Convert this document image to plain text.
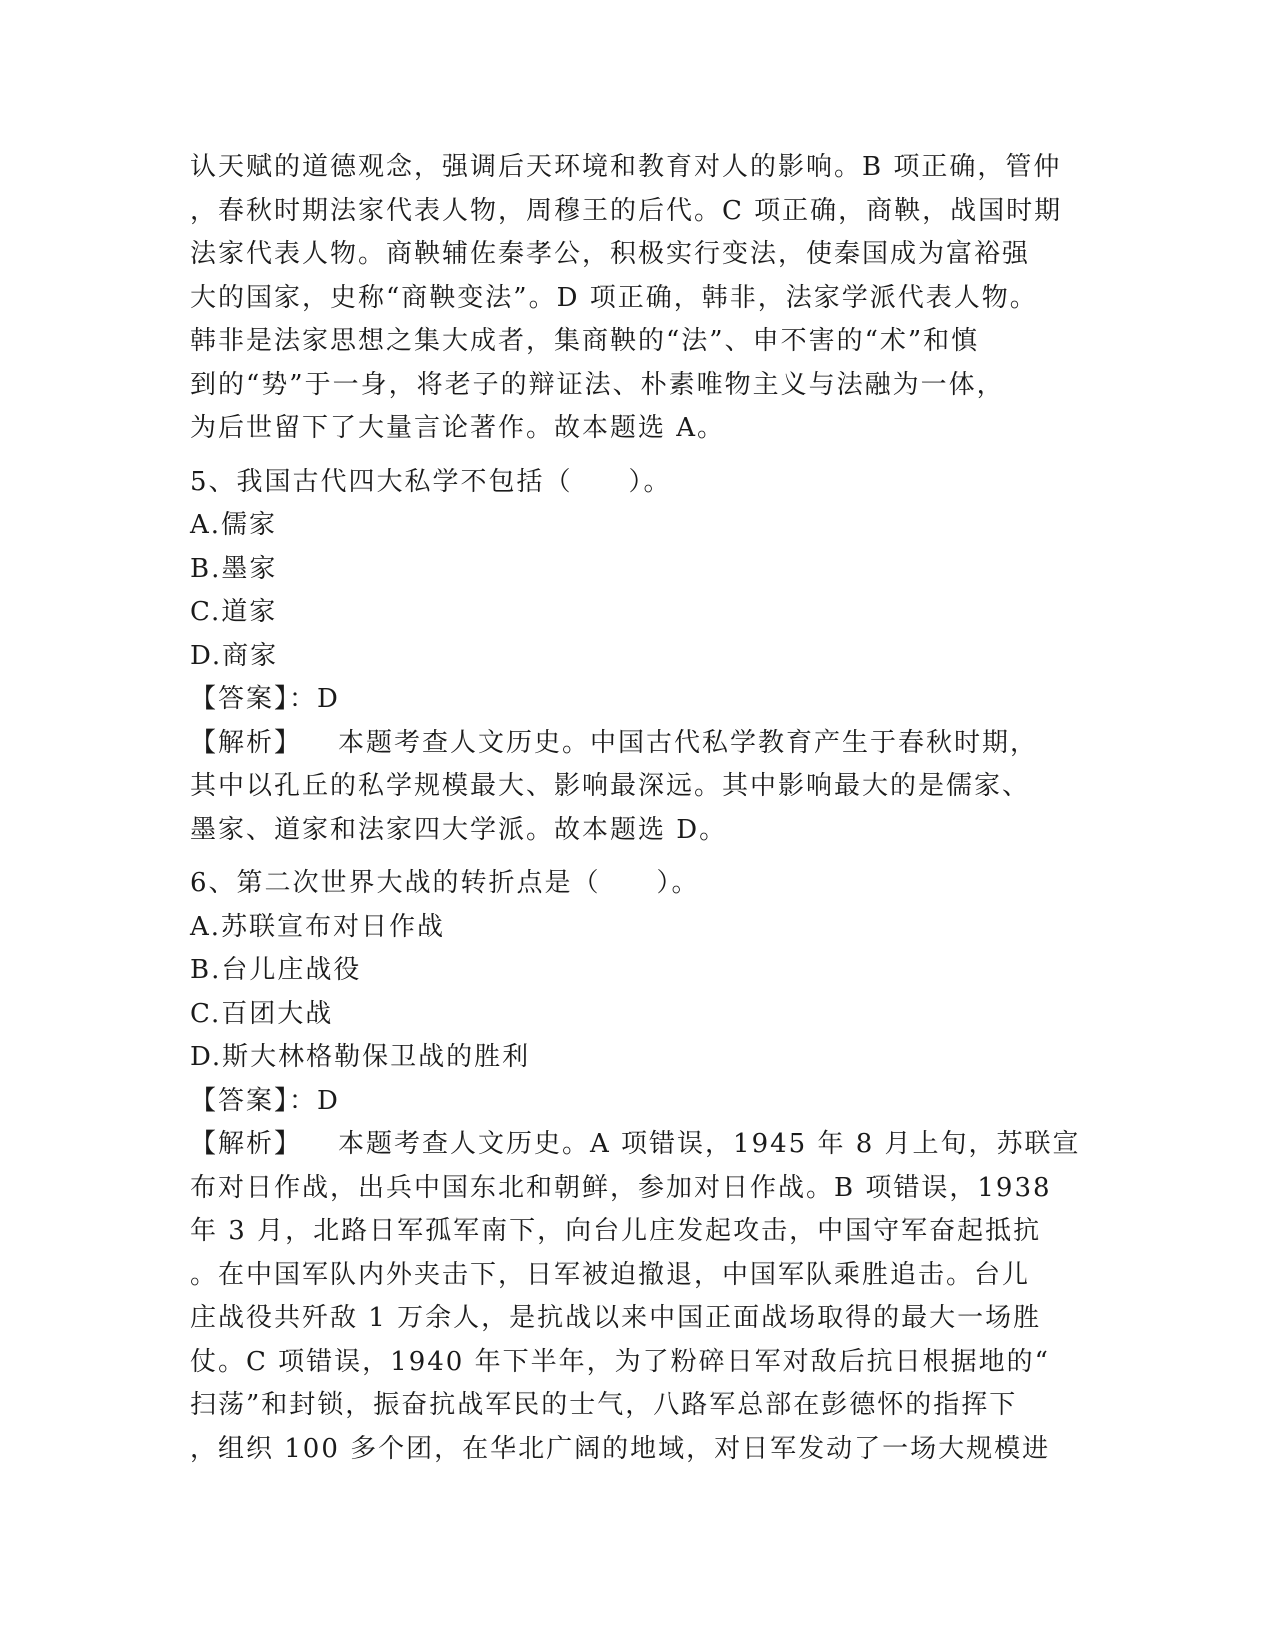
认天赋的道德观念，强调后天环境和教育对人的影响。B 项正确，管仲
，春秋时期法家代表人物，周穆王的后代。C 项正确，商鞅，战国时期
法家代表人物。商鞅辅佐秦孝公，积极实行变法，使秦国成为富裕强
大的国家，史称“商鞅变法”。D 项正确，韩非，法家学派代表人物。
韩非是法家思想之集大成者，集商鞅的“法”、申不害的“术”和慎
到的“势”于一身，将老子的辩证法、朴素唯物主义与法融为一体，
为后世留下了大量言论著作。故本题选 A。
5、我国古代四大私学不包括（　　）。
A.儒家
B.墨家
C.道家
D.商家
【答案】：D
【解析】 本题考查人文历史。中国古代私学教育产生于春秋时期，
其中以孔丘的私学规模最大、影响最深远。其中影响最大的是儒家、
墨家、道家和法家四大学派。故本题选 D。
6、第二次世界大战的转折点是（　　）。
A.苏联宣布对日作战
B.台儿庄战役
C.百团大战
D.斯大林格勒保卫战的胜利
【答案】：D
【解析】 本题考查人文历史。A 项错误，1945 年 8 月上旬，苏联宣
布对日作战，出兵中国东北和朝鲜，参加对日作战。B 项错误，1938
年 3 月，北路日军孤军南下，向台儿庄发起攻击，中国守军奋起抵抗
。在中国军队内外夹击下，日军被迫撤退，中国军队乘胜追击。台儿
庄战役共歼敌 1 万余人，是抗战以来中国正面战场取得的最大一场胜
仗。C 项错误，1940 年下半年，为了粉碎日军对敌后抗日根据地的“
扫荡”和封锁，振奋抗战军民的士气，八路军总部在彭德怀的指挥下
，组织 100 多个团，在华北广阔的地域，对日军发动了一场大规模进
